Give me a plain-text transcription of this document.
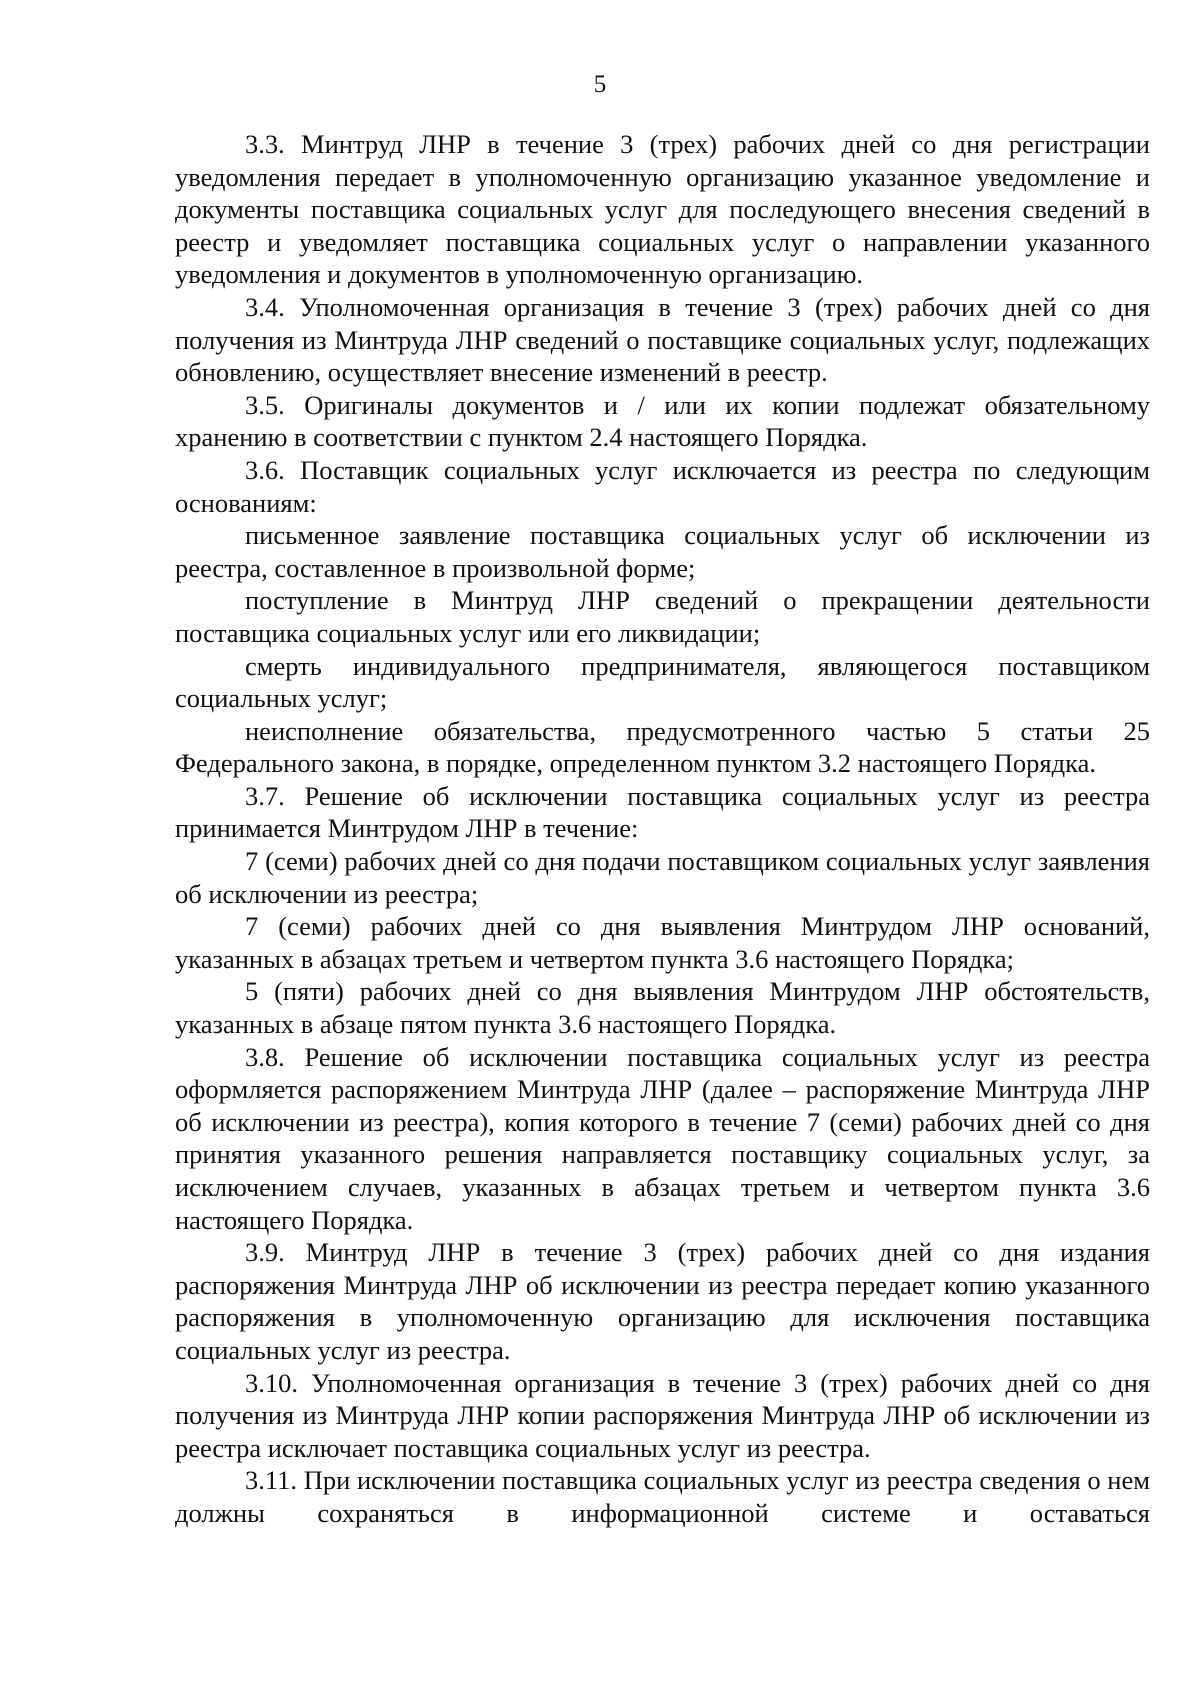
5

3.3. Минтруд ЛНР в течение 3 (трех) рабочих дней со дня регистрации уведомления передает в уполномоченную организацию указанное уведомление и документы поставщика социальных услуг для последующего внесения сведений в реестр и уведомляет поставщика социальных услуг о направлении указанного уведомления и документов в уполномоченную организацию.

3.4. Уполномоченная организация в течение 3 (трех) рабочих дней со дня получения из Минтруда ЛНР сведений о поставщике социальных услуг, подлежащих обновлению, осуществляет внесение изменений в реестр.

3.5. Оригиналы документов и / или их копии подлежат обязательному хранению в соответствии с пунктом 2.4 настоящего Порядка.

3.6. Поставщик социальных услуг исключается из реестра по следующим основаниям:

письменное заявление поставщика социальных услуг об исключении из реестра, составленное в произвольной форме;

поступление в Минтруд ЛНР сведений о прекращении деятельности поставщика социальных услуг или его ликвидации;

смерть индивидуального предпринимателя, являющегося поставщиком социальных услуг;

неисполнение обязательства, предусмотренного частью 5 статьи 25 Федерального закона, в порядке, определенном пунктом 3.2 настоящего Порядка.

3.7. Решение об исключении поставщика социальных услуг из реестра принимается Минтрудом ЛНР в течение:

7 (семи) рабочих дней со дня подачи поставщиком социальных услуг заявления об исключении из реестра;

7 (семи) рабочих дней со дня выявления Минтрудом ЛНР оснований, указанных в абзацах третьем и четвертом пункта 3.6 настоящего Порядка;

5 (пяти) рабочих дней со дня выявления Минтрудом ЛНР обстоятельств, указанных в абзаце пятом пункта 3.6 настоящего Порядка.

3.8. Решение об исключении поставщика социальных услуг из реестра оформляется распоряжением Минтруда ЛНР (далее – распоряжение Минтруда ЛНР об исключении из реестра), копия которого в течение 7 (семи) рабочих дней со дня принятия указанного решения направляется поставщику социальных услуг, за исключением случаев, указанных в абзацах третьем и четвертом пункта 3.6 настоящего Порядка.

3.9. Минтруд ЛНР в течение 3 (трех) рабочих дней со дня издания распоряжения Минтруда ЛНР об исключении из реестра передает копию указанного распоряжения в уполномоченную организацию для исключения поставщика социальных услуг из реестра.

3.10. Уполномоченная организация в течение 3 (трех) рабочих дней со дня получения из Минтруда ЛНР копии распоряжения Минтруда ЛНР об исключении из реестра исключает поставщика социальных услуг из реестра.

3.11. При исключении поставщика социальных услуг из реестра сведения о нем должны сохраняться в информационной системе и оставаться
